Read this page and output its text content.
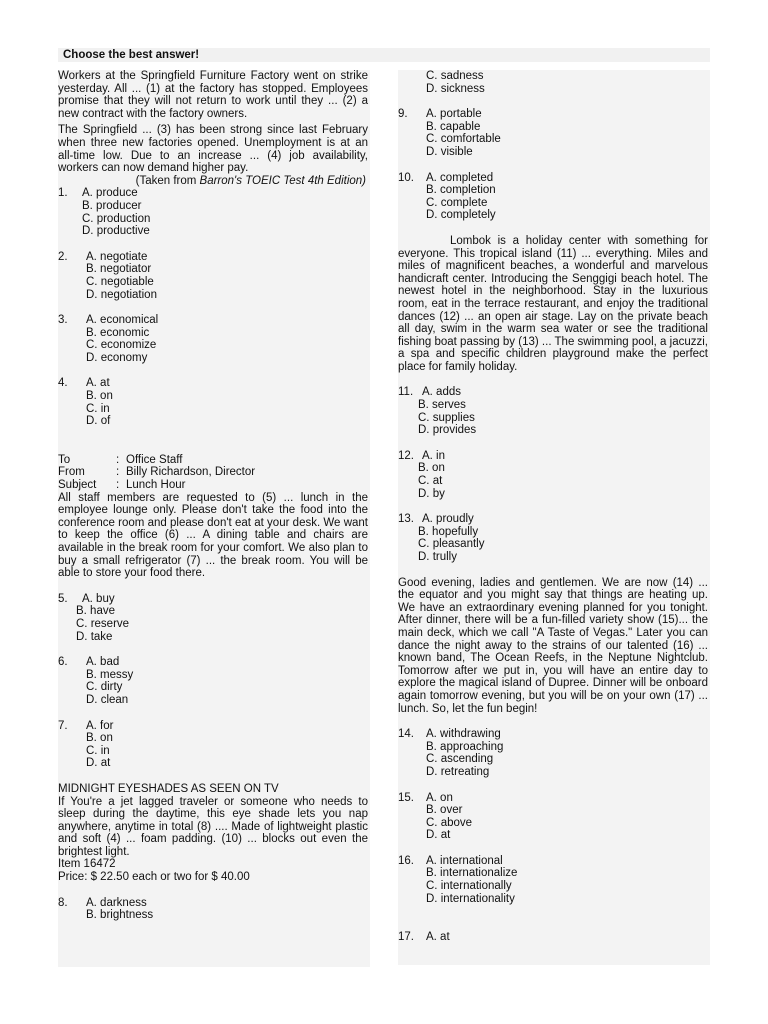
Choose the best answer!

Workers at the Springfield Furniture Factory went on strike yesterday. All ... (1) at the factory has stopped. Employees promise that they will not return to work until they ... (2) a new contract with the factory owners.

The Springfield ... (3) has been strong since last February when three new factories opened. Unemployment is at an all-time low. Due to an increase ... (4) job availability, workers can now demand higher pay.

(Taken from Barron's TOEIC Test 4th Edition)
1.	A. produce
B. producer
C. production
D. productive
2.	A. negotiate
B. negotiator
C. negotiable
D. negotiation
3.	A. economical
B. economic
C. economize
D. economy
4.	A. at
B. on
C. in
D. of
To	: Office Staff
From	: Billy Richardson, Director
Subject	: Lunch Hour

All staff members are requested to (5) ... lunch in the employee lounge only. Please don't take the food into the conference room and please don't eat at your desk. We want to keep the office (6) ... A dining table and chairs are available in the break room for your comfort. We also plan to buy a small refrigerator (7) ... the break room. You will be able to store your food there.

5.	A. buy
B. have
C. reserve
D. take
6.	A. bad
B. messy
C. dirty
D. clean
7.	A. for
B. on
C. in
D. at
MIDNIGHT EYESHADES AS SEEN ON TV

If You're a jet lagged traveler or someone who needs to sleep during the daytime, this eye shade lets you nap anywhere, anytime in total (8) .... Made of lightweight plastic and soft (4) ... foam padding. (10) ... blocks out even the brightest light.

Item 16472
Price: $ 22.50 each or two for $ 40.00
8.	A. darkness
B. brightness
C. sadness
D. sickness
9.	A. portable
B. capable
C. comfortable
D. visible
10.	A. completed
B. completion
C. complete
D. completely

Lombok is a holiday center with something for everyone. This tropical island (11) ... everything. Miles and miles of magnificent beaches, a wonderful and marvelous handicraft center. Introducing the Senggigi beach hotel. The newest hotel in the neighborhood. Stay in the luxurious room, eat in the terrace restaurant, and enjoy the traditional dances (12) ... an open air stage. Lay on the private beach all day, swim in the warm sea water or see the traditional fishing boat passing by (13) ... The swimming pool, a jacuzzi, a spa and specific children playground make the perfect place for family holiday.

11. A. adds
B. serves
C. supplies
D. provides
12. A. in
B. on
C. at
D. by
13. A. proudly
B. hopefully
C. pleasantly
D. trully

Good evening, ladies and gentlemen. We are now (14) ... the equator and you might say that things are heating up. We have an extraordinary evening planned for you tonight. After dinner, there will be a fun-filled variety show (15)... the main deck, which we call "A Taste of Vegas." Later you can dance the night away to the strains of our talented (16) ... known band, The Ocean Reefs, in the Neptune Nightclub. Tomorrow after we put in, you will have an entire day to explore the magical island of Dupree. Dinner will be onboard again tomorrow evening, but you will be on your own (17) ... lunch. So, let the fun begin!

14.	A. withdrawing
B. approaching
C. ascending
D. retreating
15.	A. on
B. over
C. above
D. at
16.	A. international
B. internationalize
C. internationally
D. internationality
17.	A. at
